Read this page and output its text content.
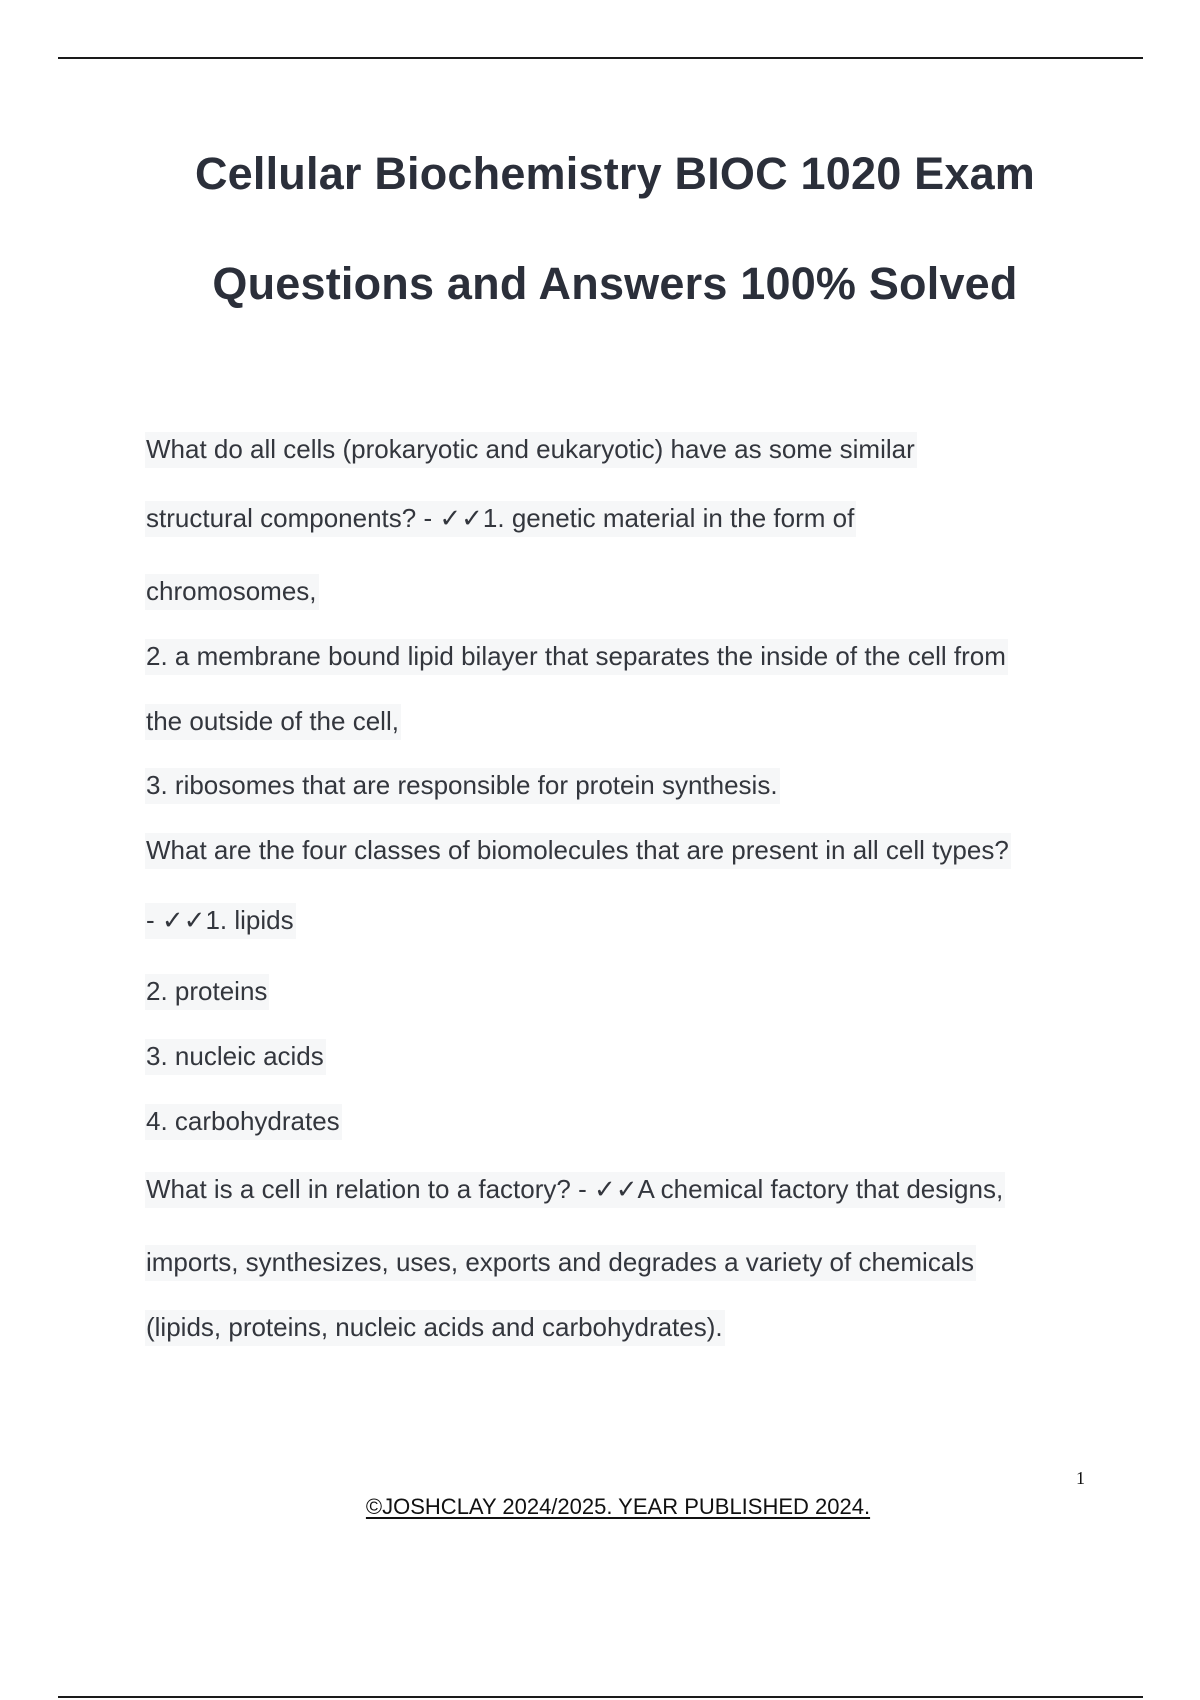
Cellular Biochemistry BIOC 1020 Exam
Questions and Answers 100% Solved
What do all cells (prokaryotic and eukaryotic) have as some similar
structural components? - ✓✓1. genetic material in the form of
chromosomes,
2. a membrane bound lipid bilayer that separates the inside of the cell from
the outside of the cell,
3. ribosomes that are responsible for protein synthesis.
What are the four classes of biomolecules that are present in all cell types?
- ✓✓1. lipids
2. proteins
3. nucleic acids
4. carbohydrates
What is a cell in relation to a factory? - ✓✓A chemical factory that designs,
imports, synthesizes, uses, exports and degrades a variety of chemicals
(lipids, proteins, nucleic acids and carbohydrates).
1
©JOSHCLAY 2024/2025. YEAR PUBLISHED 2024.
